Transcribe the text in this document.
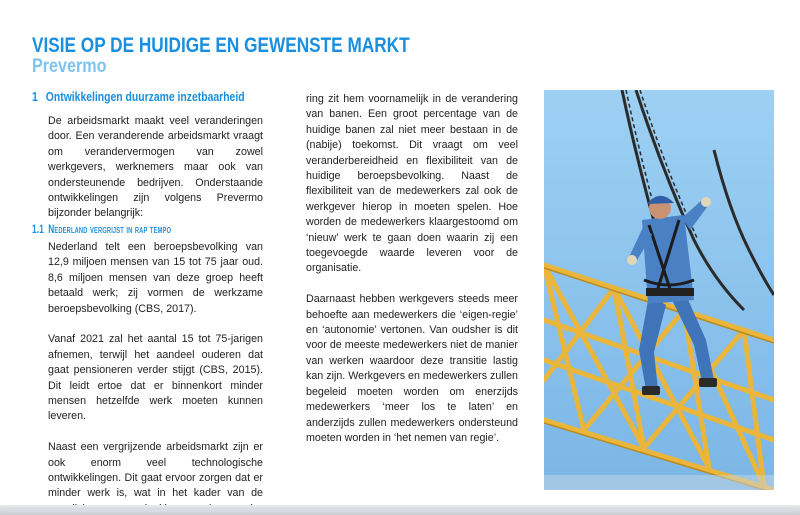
VISIE OP DE HUIDIGE EN GEWENSTE MARKT
Prevermo
1 Ontwikkelingen duurzame inzetbaarheid

De arbeidsmarkt maakt veel veranderingen door. Een veranderende arbeidsmarkt vraagt om verandervermogen van zowel werkgevers, werknemers maar ook van ondersteunende bedrijven. Onderstaande ontwikkelingen zijn volgens Prevermo bijzonder belangrijk:

1.1 Nederland vergrijst in rap tempo

Nederland telt een beroepsbevolking van 12,9 miljoen mensen van 15 tot 75 jaar oud. 8,6 miljoen mensen van deze groep heeft betaald werk; zij vormen de werkzame beroepsbevolking (CBS, 2017).

Vanaf 2021 zal het aantal 15 tot 75-jarigen afnemen, terwijl het aandeel ouderen dat gaat pensioneren verder stijgt (CBS, 2015). Dit leidt ertoe dat er binnenkort minder mensen hetzelfde werk moeten kunnen leveren.

Naast een vergrijzende arbeidsmarkt zijn er ook enorm veel technologische ontwikkelingen. Dit gaat ervoor zorgen dat er minder werk is, wat in het kader van de

ring zit hem voornamelijk in de verandering van banen. Een groot percentage van de huidige banen zal niet meer bestaan in de (nabije) toekomst. Dit vraagt om veel veranderbereidheid en flexibiliteit van de huidige beroepsbevolking. Naast de flexibiliteit van de medewerkers zal ook de werkgever hierop in moeten spelen. Hoe worden de medewerkers klaargestoomd om ‘nieuw’ werk te gaan doen waarin zij een toegevoegde waarde leveren voor de organisatie.

Daarnaast hebben werkgevers steeds meer behoefte aan medewerkers die ‘eigen-regie’ en ‘autonomie’ vertonen. Van oudsher is dit voor de meeste medewerkers niet de manier van werken waardoor deze transitie lastig kan zijn. Werkgevers en medewerkers zullen begeleid moeten worden om enerzijds medewerkers ‘meer los te laten’ en anderzijds zullen medewerkers ondersteund moeten worden in ‘het nemen van regie’.
